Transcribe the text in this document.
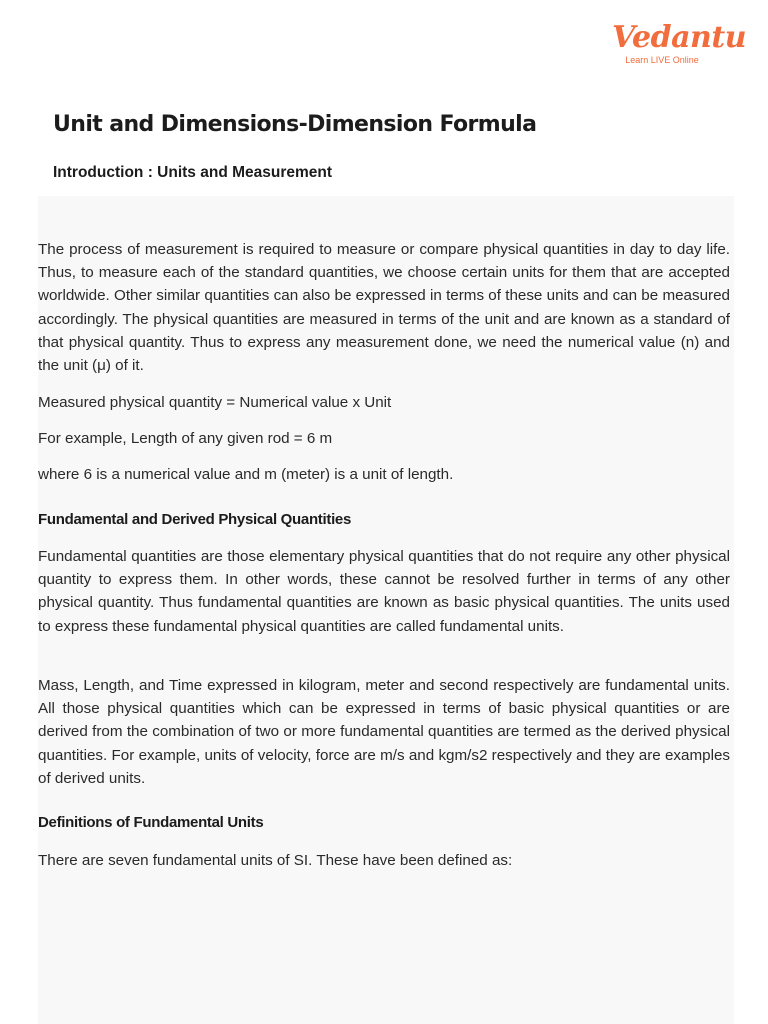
Vedantu
Learn LIVE Online
Unit and Dimensions-Dimension Formula
Introduction : Units and Measurement

The process of measurement is required to measure or compare physical quantities in day to day life. Thus, to measure each of the standard quantities, we choose certain units for them that are accepted worldwide. Other similar quantities can also be expressed in terms of these units and can be measured accordingly. The physical quantities are measured in terms of the unit and are known as a standard of that physical quantity. Thus to express any measurement done, we need the numerical value (n) and the unit (μ) of it.

Measured physical quantity = Numerical value x Unit

For example, Length of any given rod = 6 m

where 6 is a numerical value and m (meter) is a unit of length.

Fundamental and Derived Physical Quantities

Fundamental quantities are those elementary physical quantities that do not require any other physical quantity to express them. In other words, these cannot be resolved further in terms of any other physical quantity. Thus fundamental quantities are known as basic physical quantities. The units used to express these fundamental physical quantities are called fundamental units.

Mass, Length, and Time expressed in kilogram, meter and second respectively are fundamental units. All those physical quantities which can be expressed in terms of basic physical quantities or are derived from the combination of two or more fundamental quantities are termed as the derived physical quantities. For example, units of velocity, force are m/s and kgm/s2 respectively and they are examples of derived units.

Definitions of Fundamental Units

There are seven fundamental units of SI. These have been defined as:
